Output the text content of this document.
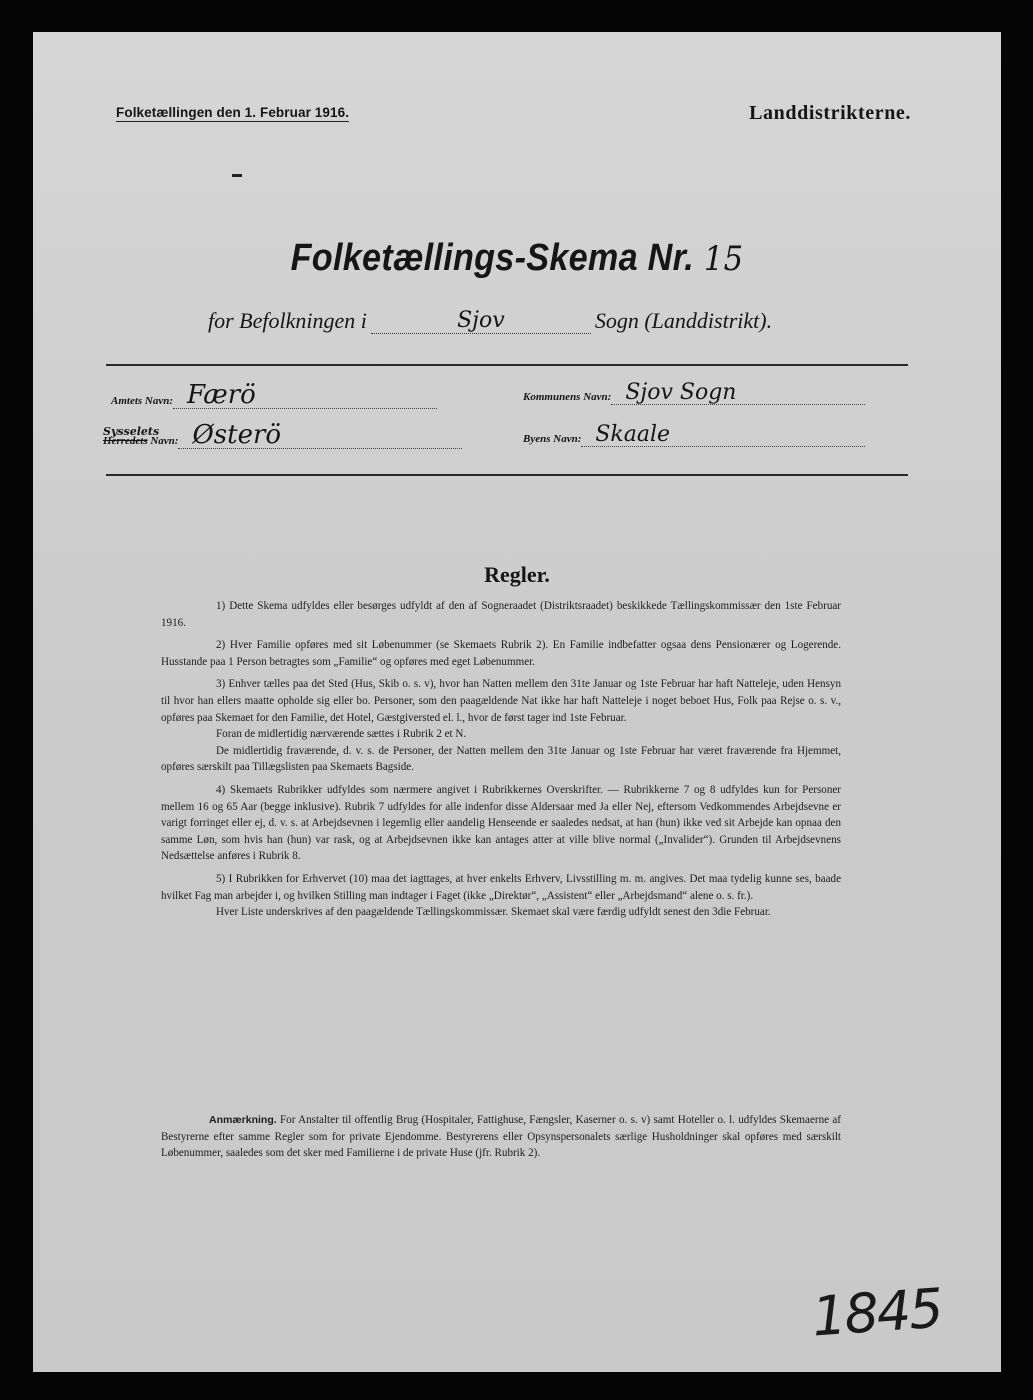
Folketællingen den 1. Februar 1916.	Landdistrikterne.
Folketællings-Skema Nr. 15
for Befolkningen i	Sjov	Sogn (Landdistrikt).
Amtets Navn: Færö	Kommunens Navn: Sjov Sogn
Sysselets
Herredets Navn: Østerö	Byens Navn: Skaale
Regler.

1) Dette Skema udfyldes eller besørges udfyldt af den af Sogneraadet (Distriktsraadet) beskikkede Tællingskommissær den 1ste Februar 1916.

2) Hver Familie opføres med sit Løbenummer (se Skemaets Rubrik 2). En Familie indbefatter ogsaa dens Pensionærer og Logerende. Husstande paa 1 Person betragtes som „Familie“ og opføres med eget Løbenummer.

3) Enhver tælles paa det Sted (Hus, Skib o. s. v), hvor han Natten mellem den 31te Januar og 1ste Februar har haft Natteleje, uden Hensyn til hvor han ellers maatte opholde sig eller bo. Personer, som den paagældende Nat ikke har haft Natteleje i noget beboet Hus, Folk paa Rejse o. s. v., opføres paa Skemaet for den Familie, det Hotel, Gæstgiversted el. l., hvor de først tager ind 1ste Februar.

Foran de midlertidig nærværende sættes i Rubrik 2 et N.

De midlertidig fraværende, d. v. s. de Personer, der Natten mellem den 31te Januar og 1ste Februar har været fraværende fra Hjemmet, opføres særskilt paa Tillægslisten paa Skemaets Bagside.

4) Skemaets Rubrikker udfyldes som nærmere angivet i Rubrikkernes Overskrifter. — Rubrikkerne 7 og 8 udfyldes kun for Personer mellem 16 og 65 Aar (begge inklusive). Rubrik 7 udfyldes for alle indenfor disse Aldersaar med Ja eller Nej, eftersom Vedkommendes Arbejdsevne er varigt forringet eller ej, d. v. s. at Arbejdsevnen i legemlig eller aandelig Henseende er saaledes nedsat, at han (hun) ikke ved sit Arbejde kan opnaa den samme Løn, som hvis han (hun) var rask, og at Arbejdsevnen ikke kan antages atter at ville blive normal („Invalider“). Grunden til Arbejdsevnens Nedsættelse anføres i Rubrik 8.

5) I Rubrikken for Erhvervet (10) maa det iagttages, at hver enkelts Erhverv, Livsstilling m. m. angives. Det maa tydelig kunne ses, baade hvilket Fag man arbejder i, og hvilken Stilling man indtager i Faget (ikke „Direktør“, „Assistent“ eller „Arbejdsmand“ alene o. s. fr.).

Hver Liste underskrives af den paagældende Tællingskommissær. Skemaet skal være færdig udfyldt senest den 3die Februar.

Anmærkning. For Anstalter til offentlig Brug (Hospitaler, Fattighuse, Fængsler, Kaserner o. s. v) samt Hoteller o. l. udfyldes Skemaerne af Bestyrerne efter samme Regler som for private Ejendomme. Bestyrerens eller Opsynspersonalets særlige Husholdninger skal opføres med særskilt Løbenummer, saaledes som det sker med Familierne i de private Huse (jfr. Rubrik 2).

1845
